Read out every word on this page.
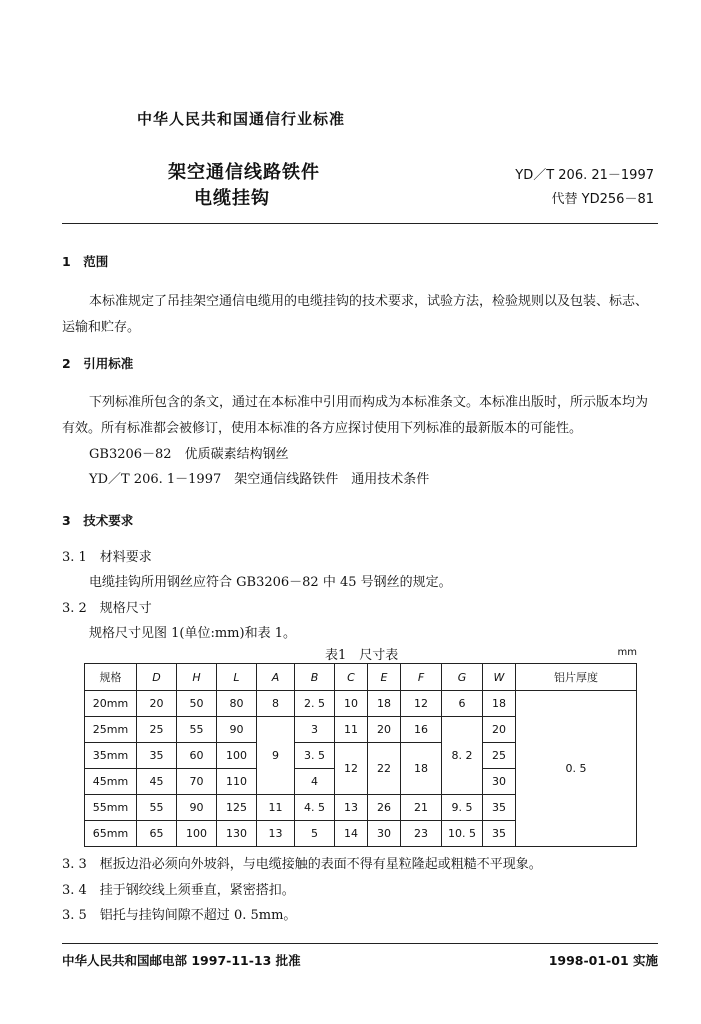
中华人民共和国通信行业标准
架空通信线路铁件
电缆挂钩
YD／T 206. 21－1997
代替 YD256－81
1　范围
本标准规定了吊挂架空通信电缆用的电缆挂钩的技术要求，试验方法，检验规则以及包装、标志、
运输和贮存。
2　引用标准
下列标准所包含的条文，通过在本标准中引用而构成为本标准条文。本标准出版时，所示版本均为
有效。所有标准都会被修订，使用本标准的各方应探讨使用下列标准的最新版本的可能性。
GB3206－82　优质碳素结构钢丝
YD／T 206. 1－1997　架空通信线路铁件　通用技术条件
3　技术要求
3. 1　材料要求
电缆挂钩所用钢丝应符合 GB3206－82 中 45 号钢丝的规定。
3. 2　规格尺寸
规格尺寸见图 1(单位:mm)和表 1。
表1　尺寸表	mm
规格	D	H	L	A	B	C	E	F	G	W	铝片厚度
20mm	20	50	80	8	2. 5	10	18	12	6	18	0. 5
25mm	25	55	90	9	3	11	20	16	8. 2	20	
35mm	35	60	100		3. 5	12	22	18		25	
45mm	45	70	110		4					30	
55mm	55	90	125	11	4. 5	13	26	21	9. 5	35	
65mm	65	100	130	13	5	14	30	23	10. 5	35	
3. 3　框扳边沿必须向外坡斜，与电缆接触的表面不得有星粒隆起或粗糙不平现象。
3. 4　挂于钢绞线上须垂直，紧密搭扣。
3. 5　铝托与挂钩间隙不超过 0. 5mm。
中华人民共和国邮电部 1997-11-13 批准	1998-01-01 实施
